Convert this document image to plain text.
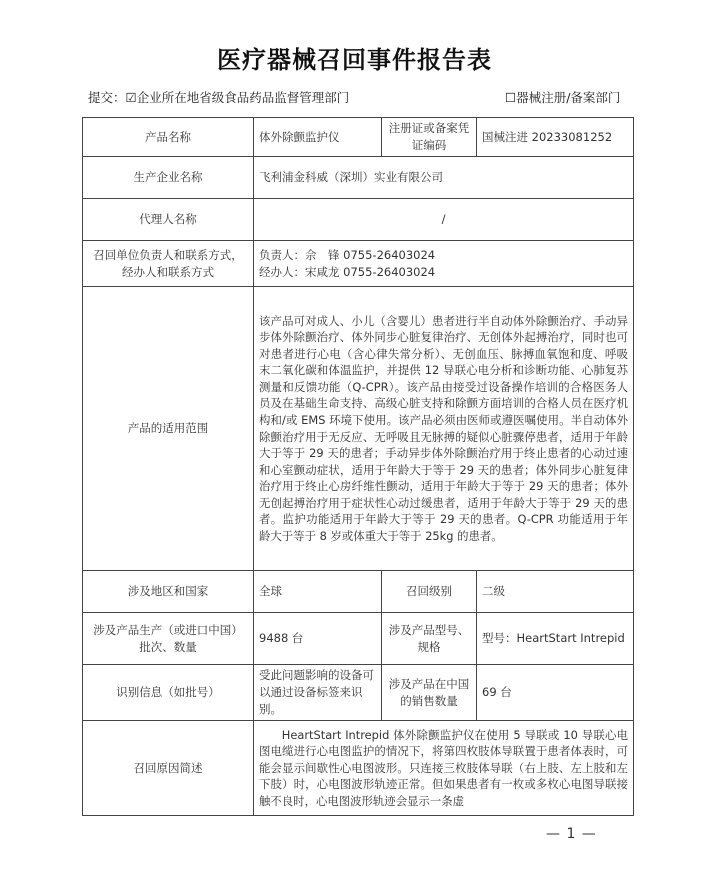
医疗器械召回事件报告表
提交：☑企业所在地省级食品药品监督管理部门	☐器械注册/备案部门
产品名称	体外除颤监护仪	注册证或备案凭证编码	国械注进 20233081252
生产企业名称	飞利浦金科威（深圳）实业有限公司		
代理人名称	/		
召回单位负责人和联系方式，经办人和联系方式	负责人：佘　锋 0755-26403024
经办人：宋咸龙 0755-26403024		

产品的适用范围	该产品可对成人、小儿（含婴儿）患者进行半自动体外除颤治疗、手动异步体外除颤治疗、体外同步心脏复律治疗、无创体外起搏治疗，同时也可对患者进行心电（含心律失常分析）、无创血压、脉搏血氧饱和度、呼吸末二氧化碳和体温监护，并提供 12 导联心电分析和诊断功能、心肺复苏测量和反馈功能（Q-CPR）。该产品由接受过设备操作培训的合格医务人员及在基础生命支持、高级心脏支持和除颤方面培训的合格人员在医疗机构和/或 EMS 环境下使用。该产品必须由医师或遵医嘱使用。半自动体外除颤治疗用于无反应、无呼吸且无脉搏的疑似心脏骤停患者，适用于年龄大于等于 29 天的患者；手动异步体外除颤治疗用于终止患者的心动过速和心室颤动症状，适用于年龄大于等于 29 天的患者；体外同步心脏复律治疗用于终止心房纤维性颤动，适用于年龄大于等于 29 天的患者；体外无创起搏治疗用于症状性心动过缓患者，适用于年龄大于等于 29 天的患者。监护功能适用于年龄大于等于 29 天的患者。Q-CPR 功能适用于年龄大于等于 8 岁或体重大于等于 25kg 的患者。		
涉及地区和国家	全球	召回级别	二级
涉及产品生产（或进口中国）批次、数量	9488 台	涉及产品型号、规格	型号：HeartStart Intrepid
识别信息（如批号）	受此问题影响的设备可以通过设备标签来识别。	涉及产品在中国的销售数量	69 台
召回原因简述	HeartStart Intrepid 体外除颤监护仪在使用 5 导联或 10 导联心电图电缆进行心电图监护的情况下，将第四枚肢体导联置于患者体表时，可能会显示间歇性心电图波形。只连接三枚肢体导联（右上肢、左上肢和左下肢）时，心电图波形轨迹正常。但如果患者有一枚或多枚心电图导联接触不良时，心电图波形轨迹会显示一条虚		
— 1 —
